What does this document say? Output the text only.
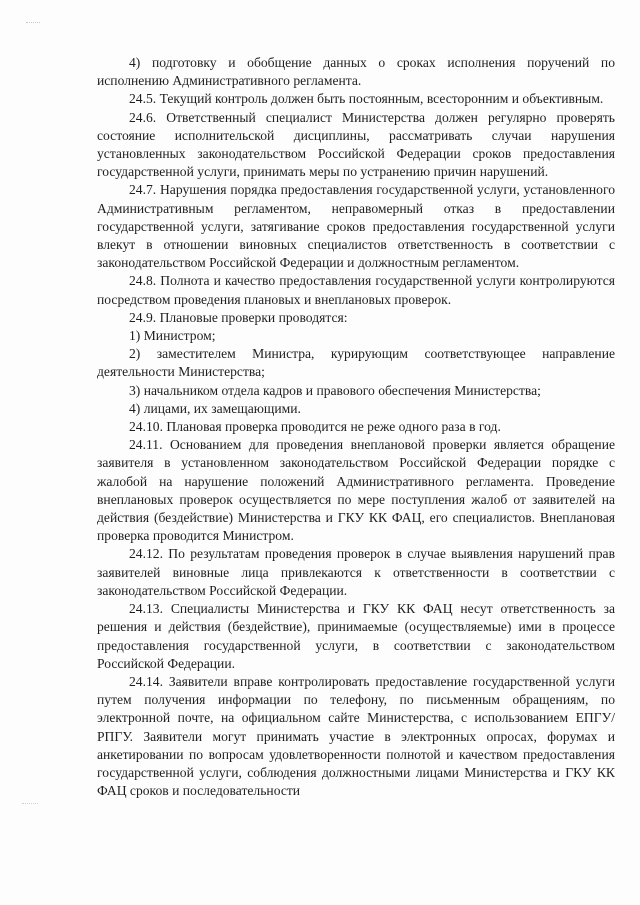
4) подготовку и обобщение данных о сроках исполнения поручений по исполнению Административного регламента.

24.5. Текущий контроль должен быть постоянным, всесторонним и объективным.

24.6. Ответственный специалист Министерства должен регулярно проверять состояние исполнительской дисциплины, рассматривать случаи нарушения установленных законодательством Российской Федерации сроков предоставления государственной услуги, принимать меры по устранению причин нарушений.

24.7. Нарушения порядка предоставления государственной услуги, установленного Административным регламентом, неправомерный отказ в предоставлении государственной услуги, затягивание сроков предоставления государственной услуги влекут в отношении виновных специалистов ответственность в соответствии с законодательством Российской Федерации и должностным регламентом.

24.8. Полнота и качество предоставления государственной услуги контролируются посредством проведения плановых и внеплановых проверок.

24.9. Плановые проверки проводятся:

1) Министром;

2) заместителем Министра, курирующим соответствующее направление деятельности Министерства;

3) начальником отдела кадров и правового обеспечения Министерства;

4) лицами, их замещающими.

24.10. Плановая проверка проводится не реже одного раза в год.

24.11. Основанием для проведения внеплановой проверки является обращение заявителя в установленном законодательством Российской Федерации порядке с жалобой на нарушение положений Административного регламента. Проведение внеплановых проверок осуществляется по мере поступления жалоб от заявителей на действия (бездействие) Министерства и ГКУ КК ФАЦ, его специалистов. Внеплановая проверка проводится Министром.

24.12. По результатам проведения проверок в случае выявления нарушений прав заявителей виновные лица привлекаются к ответственности в соответствии с законодательством Российской Федерации.

24.13. Специалисты Министерства и ГКУ КК ФАЦ несут ответственность за решения и действия (бездействие), принимаемые (осуществляемые) ими в процессе предоставления государственной услуги, в соответствии с законодательством Российской Федерации.

24.14. Заявители вправе контролировать предоставление государственной услуги путем получения информации по телефону, по письменным обращениям, по электронной почте, на официальном сайте Министерства, с использованием ЕПГУ/РПГУ. Заявители могут принимать участие в электронных опросах, форумах и анкетировании по вопросам удовлетворенности полнотой и качеством предоставления государственной услуги, соблюдения должностными лицами Министерства и ГКУ КК ФАЦ сроков и последовательности
